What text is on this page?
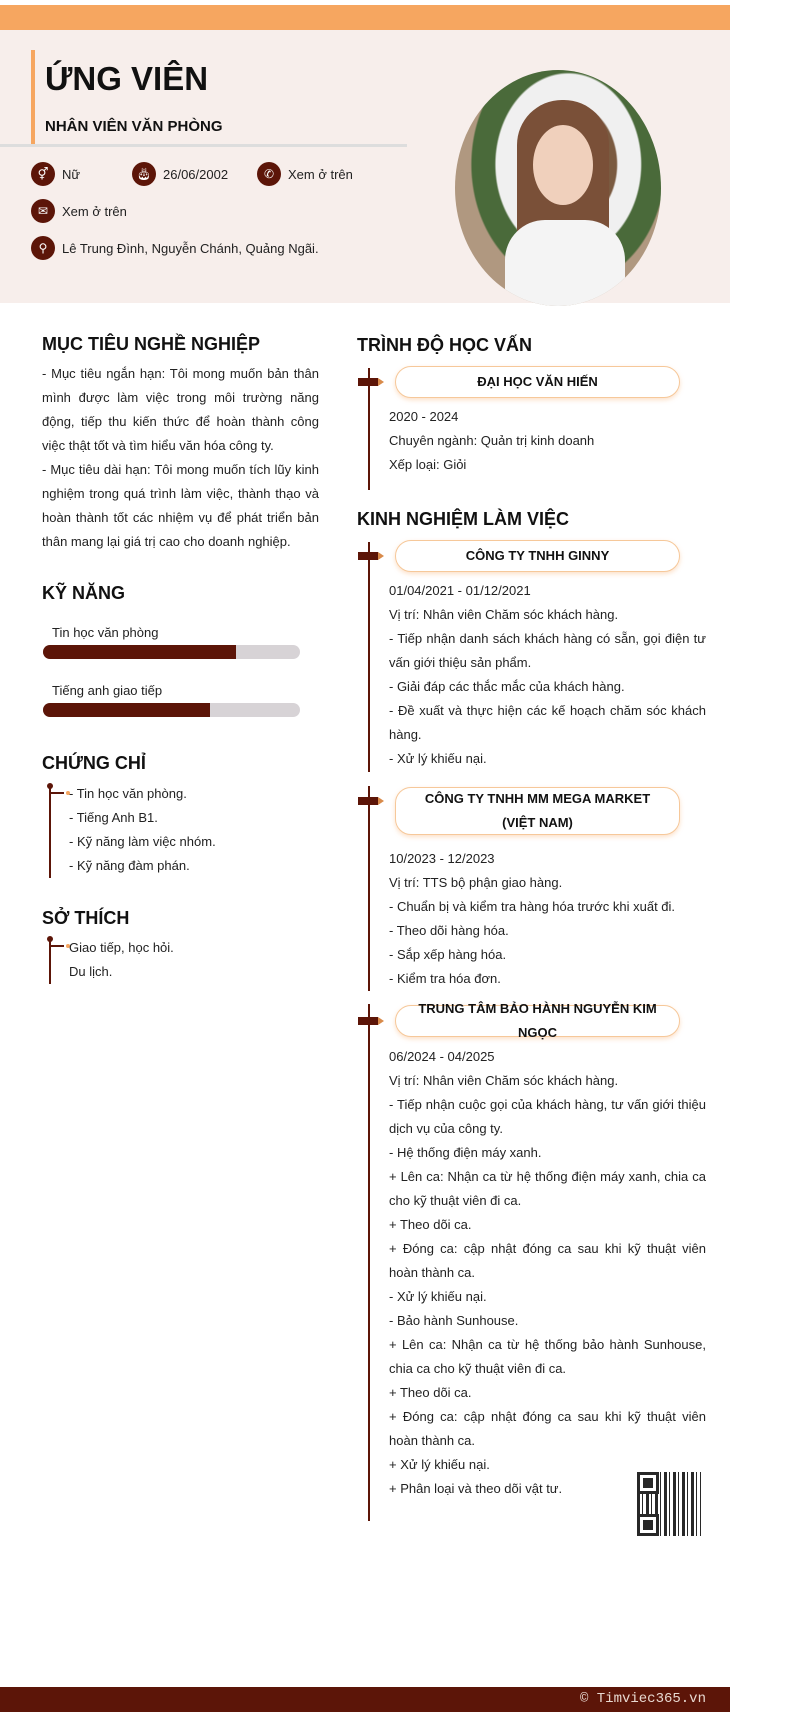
ỨNG VIÊN
NHÂN VIÊN VĂN PHÒNG
⚥	Nữ	🎂︎ 26/06/2002	✆	Xem ở trên
✉	Xem ở trên
⚲	Lê Trung Đình, Nguyễn Chánh, Quảng Ngãi.
MỤC TIÊU NGHỀ NGHIỆP
- Mục tiêu ngắn hạn: Tôi mong muốn bản thân mình được làm việc trong môi trường năng động, tiếp thu kiến thức để hoàn thành công việc thật tốt và tìm hiểu văn hóa công ty.
- Mục tiêu dài hạn: Tôi mong muốn tích lũy kinh nghiệm trong quá trình làm việc, thành thạo và hoàn thành tốt các nhiệm vụ để phát triển bản thân mang lại giá trị cao cho doanh nghiệp.
KỸ NĂNG
Tin học văn phòng
Tiếng anh giao tiếp
CHỨNG CHỈ
- Tin học văn phòng.
- Tiếng Anh B1.
- Kỹ năng làm việc nhóm.
- Kỹ năng đàm phán.
SỞ THÍCH
Giao tiếp, học hỏi.
Du lịch.
TRÌNH ĐỘ HỌC VẤN
ĐẠI HỌC VĂN HIẾN
2020 - 2024
Chuyên ngành: Quản trị kinh doanh
Xếp loại: Giỏi
KINH NGHIỆM LÀM VIỆC
CÔNG TY TNHH GINNY
01/04/2021 - 01/12/2021
Vị trí: Nhân viên Chăm sóc khách hàng.
- Tiếp nhận danh sách khách hàng có sẵn, gọi điện tư vấn giới thiệu sản phẩm.
- Giải đáp các thắc mắc của khách hàng.
- Đề xuất và thực hiện các kế hoạch chăm sóc khách hàng.
- Xử lý khiếu nại.
CÔNG TY TNHH MM MEGA MARKET (VIỆT NAM)
10/2023 - 12/2023
Vị trí: TTS bộ phận giao hàng.
- Chuẩn bị và kiểm tra hàng hóa trước khi xuất đi.
- Theo dõi hàng hóa.
- Sắp xếp hàng hóa.
- Kiểm tra hóa đơn.
TRUNG TÂM BẢO HÀNH NGUYỄN KIM NGỌC
06/2024 - 04/2025
Vị trí: Nhân viên Chăm sóc khách hàng.
- Tiếp nhận cuộc gọi của khách hàng, tư vấn giới thiệu dịch vụ của công ty.
- Hệ thống điện máy xanh.
+ Lên ca: Nhận ca từ hệ thống điện máy xanh, chia ca cho kỹ thuật viên đi ca.
+ Theo dõi ca.
+ Đóng ca: cập nhật đóng ca sau khi kỹ thuật viên hoàn thành ca.
- Xử lý khiếu nại.
- Bảo hành Sunhouse.
+ Lên ca: Nhận ca từ hệ thống bảo hành Sunhouse, chia ca cho kỹ thuật viên đi ca.
+ Theo dõi ca.
+ Đóng ca: cập nhật đóng ca sau khi kỹ thuật viên hoàn thành ca.
+ Xử lý khiếu nại.
+ Phân loại và theo dõi vật tư.
© Timviec365.vn
